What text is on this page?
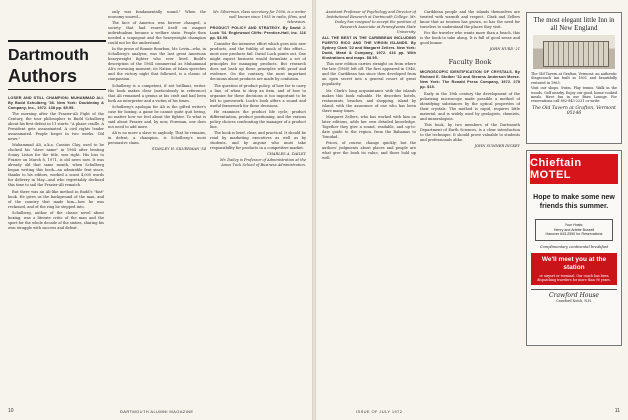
Dartmouth
Authors

LOSER AND STILL CHAMPION: MUHAMMAD ALI. By Budd Schulberg '36. New York: Doubleday & Company, Inc., 1972. 138 pp. $5.95.

The morning after the Frazier-Ali Fight of the Century, the tour philosopher to Budd Schulberg about his first defeat in 11 starts: "A phase cradle. A President gets assassinated. A civil rights leader assassinated. People forget in two weeks. Old news."

Muhammad Ali, a.k.a. Cassius Clay, used to be clocked his "slave name" in 1964 after beating Sonny Liston for the title, was right. His loss to Frazier on March 8, 1971, is old news now. It was already old that same month, when Schulberg began writing this book—an admirable feat since, thanks to his editors, worked a scant 4,000 words for delivery in May—and who regrettably declined this time to sail the Frazier-Ali rematch.

But there was an Ali-like method in Budd's "fast" book. He gives us the background of the man, and of the country that made him—how he was reckoned, and of the ring he stepped into.

Schulberg, author of the classic novel about boxing, was a literate critic of the man and the sport for the whole decade of the sixties, sharing his own struggle with success and defeat.

only was fundamentally sound." When the economy soured—

The face of America was forever changed, a society that had reared itself on magnet individualism became a welfare state. People then needed a scapegoat and the heavyweight champion could not be the understand.

In the prose of Ronnie Bourbon, Mr. Levin—who, in Schulberg's analysis, was the last great American heavyweight fighter who ever lived. Budd's description of the 1964 commercial as Muhammad Ali's crowning moment, its Nation of Islam speeches and the victory night that followed, is a classic of compassion.

Schulberg is a competent, if not brilliant, writer. His book makes clear (meticulously in reference) that Ali remained a genius at his craft and had been both an interpreter and a victim of his times.

Schulberg's apologia for Ali is the gifted writer's case for boxing, a game he cannot quite quit loving, no matter how we feel about the fighter. To what is said about Frazier and, by now, Foreman, one does not need to add more.

Ali is no more a slave to anybody. That he remains, in defeat, a champion, is Schulberg's most persuasive claim.

STANLEY H. SILVERMAN '54

Mr. Silverman, class secretary for 1956, is a writer well known since 1955 in radio, films, and television.

PRODUCT POLICY AND STRATEGY. By David J. Luck '34. Englewood Cliffs: Prentice-Hall, Inc. 116 pp. $3.95.

Consider the intensive effort which goes into new products, and the futility of much of this effort—most new products fail. David Luck points out. One might expect business would formulate a set of principles for managing products. But research does not back up these principles with proof and evidence. On the contrary, the most important decisions about products are made by confusion.

The question of product policy, of how far to carry a line, of when to drop an item, and of how to organize for these decisions is too important to be left to guesswork. Luck's book offers a sound and useful framework for these decisions.

He examines the product life cycle, product differentiation, product positioning, and the various policy choices confronting the manager of a product line.

The book is brief, clear, and practical. It should be read by marketing executives as well as by students, and by anyone who must take responsibility for products in a competitive market.

CHARLES A. DAILEY

Mr. Dailey is Professor of Administration at the Amos Tuck School of Business Administration.

10	DARTMOUTH ALUMNI MAGAZINE

Assistant Professor of Psychology and Director of Institutional Research at Dartmouth College. Mr. Dailey has resigned to accept the position of Research Associate at Pennsylvania State University.

ALL THE BEST IN THE CARIBBEAN INCLUDING PUERTO RICO AND THE VIRGIN ISLANDS. By Sydney Clark '22 and Margaret Zellers. New York: Dodd, Mead & Company, 1972. 416 pp. With illustrations and maps. $8.95.

This new edition carries straight on from where the late (1960) left off. The first appeared in 1946, and the Caribbean has since then developed from an open secret into a general resort of great popularity.

Mr. Clark's long acquaintance with the islands makes this book valuable. He describes hotels, restaurants, beaches, and shopping, island by island, with the assurance of one who has been there many times.

Margaret Zellers, who has worked with him on later editions, adds her own detailed knowledge. Together they give a sound, readable, and up-to-date guide to the region, from the Bahamas to Trinidad.

Prices, of course, change quickly; but the authors' judgments about places and people are what give the book its value, and those hold up well.

Caribbean people and the islands themselves are treated with warmth and respect. Clark and Zellers know that as tourism has grown, so has the need for travelers to understand the places they visit.

For the traveler who wants more than a beach, this is the book to take along. It is full of good sense and good humor.

JOHN HURD '21

Faculty Book

MICROSCOPIC IDENTIFICATION OF CRYSTALS. By Richard E. Stoiber '32 and Stearns Anderson Morse. New York: The Ronald Press Company, 1972. 278 pp. $15.

Early in the 19th century the development of the polarizing microscope made possible a method of identifying substances by the optical properties of their crystals. The method is rapid, requires little material, and is widely used by geologists, chemists, and mineralogists.

This book, by two members of the Dartmouth Department of Earth Sciences, is a clear introduction to the technique. It should prove valuable to students and professionals alike.

JOHN SUMNER DICKEY

The most elegant little Inn in all New England

The Old Tavern at Grafton, Vermont: an authentic Stagecoach Inn built in 1801 and beautifully restored in 1965.

Visit our shops. Swim. Play tennis. Walk in the woods. Golf nearby. Enjoy our good, home-cooked meals. Have fun in our Barn Lounge. For reservations call 802-843-2231 or write:

The Old Tavern at Grafton, Vermont 05146
Chieftain MOTEL
Hope to make some new friends this summer.
Your Hosts:
Henry and Arlette Bussell
Hanover 643-2550 for Reservations
Complimentary continental breakfast
We'll meet you at the station
or airport or terminal. Our coach has been dispatching travelers for more than 90 years.
Crawford House
Crawford Notch, N.H.
ISSUE OF JULY 1972	11
